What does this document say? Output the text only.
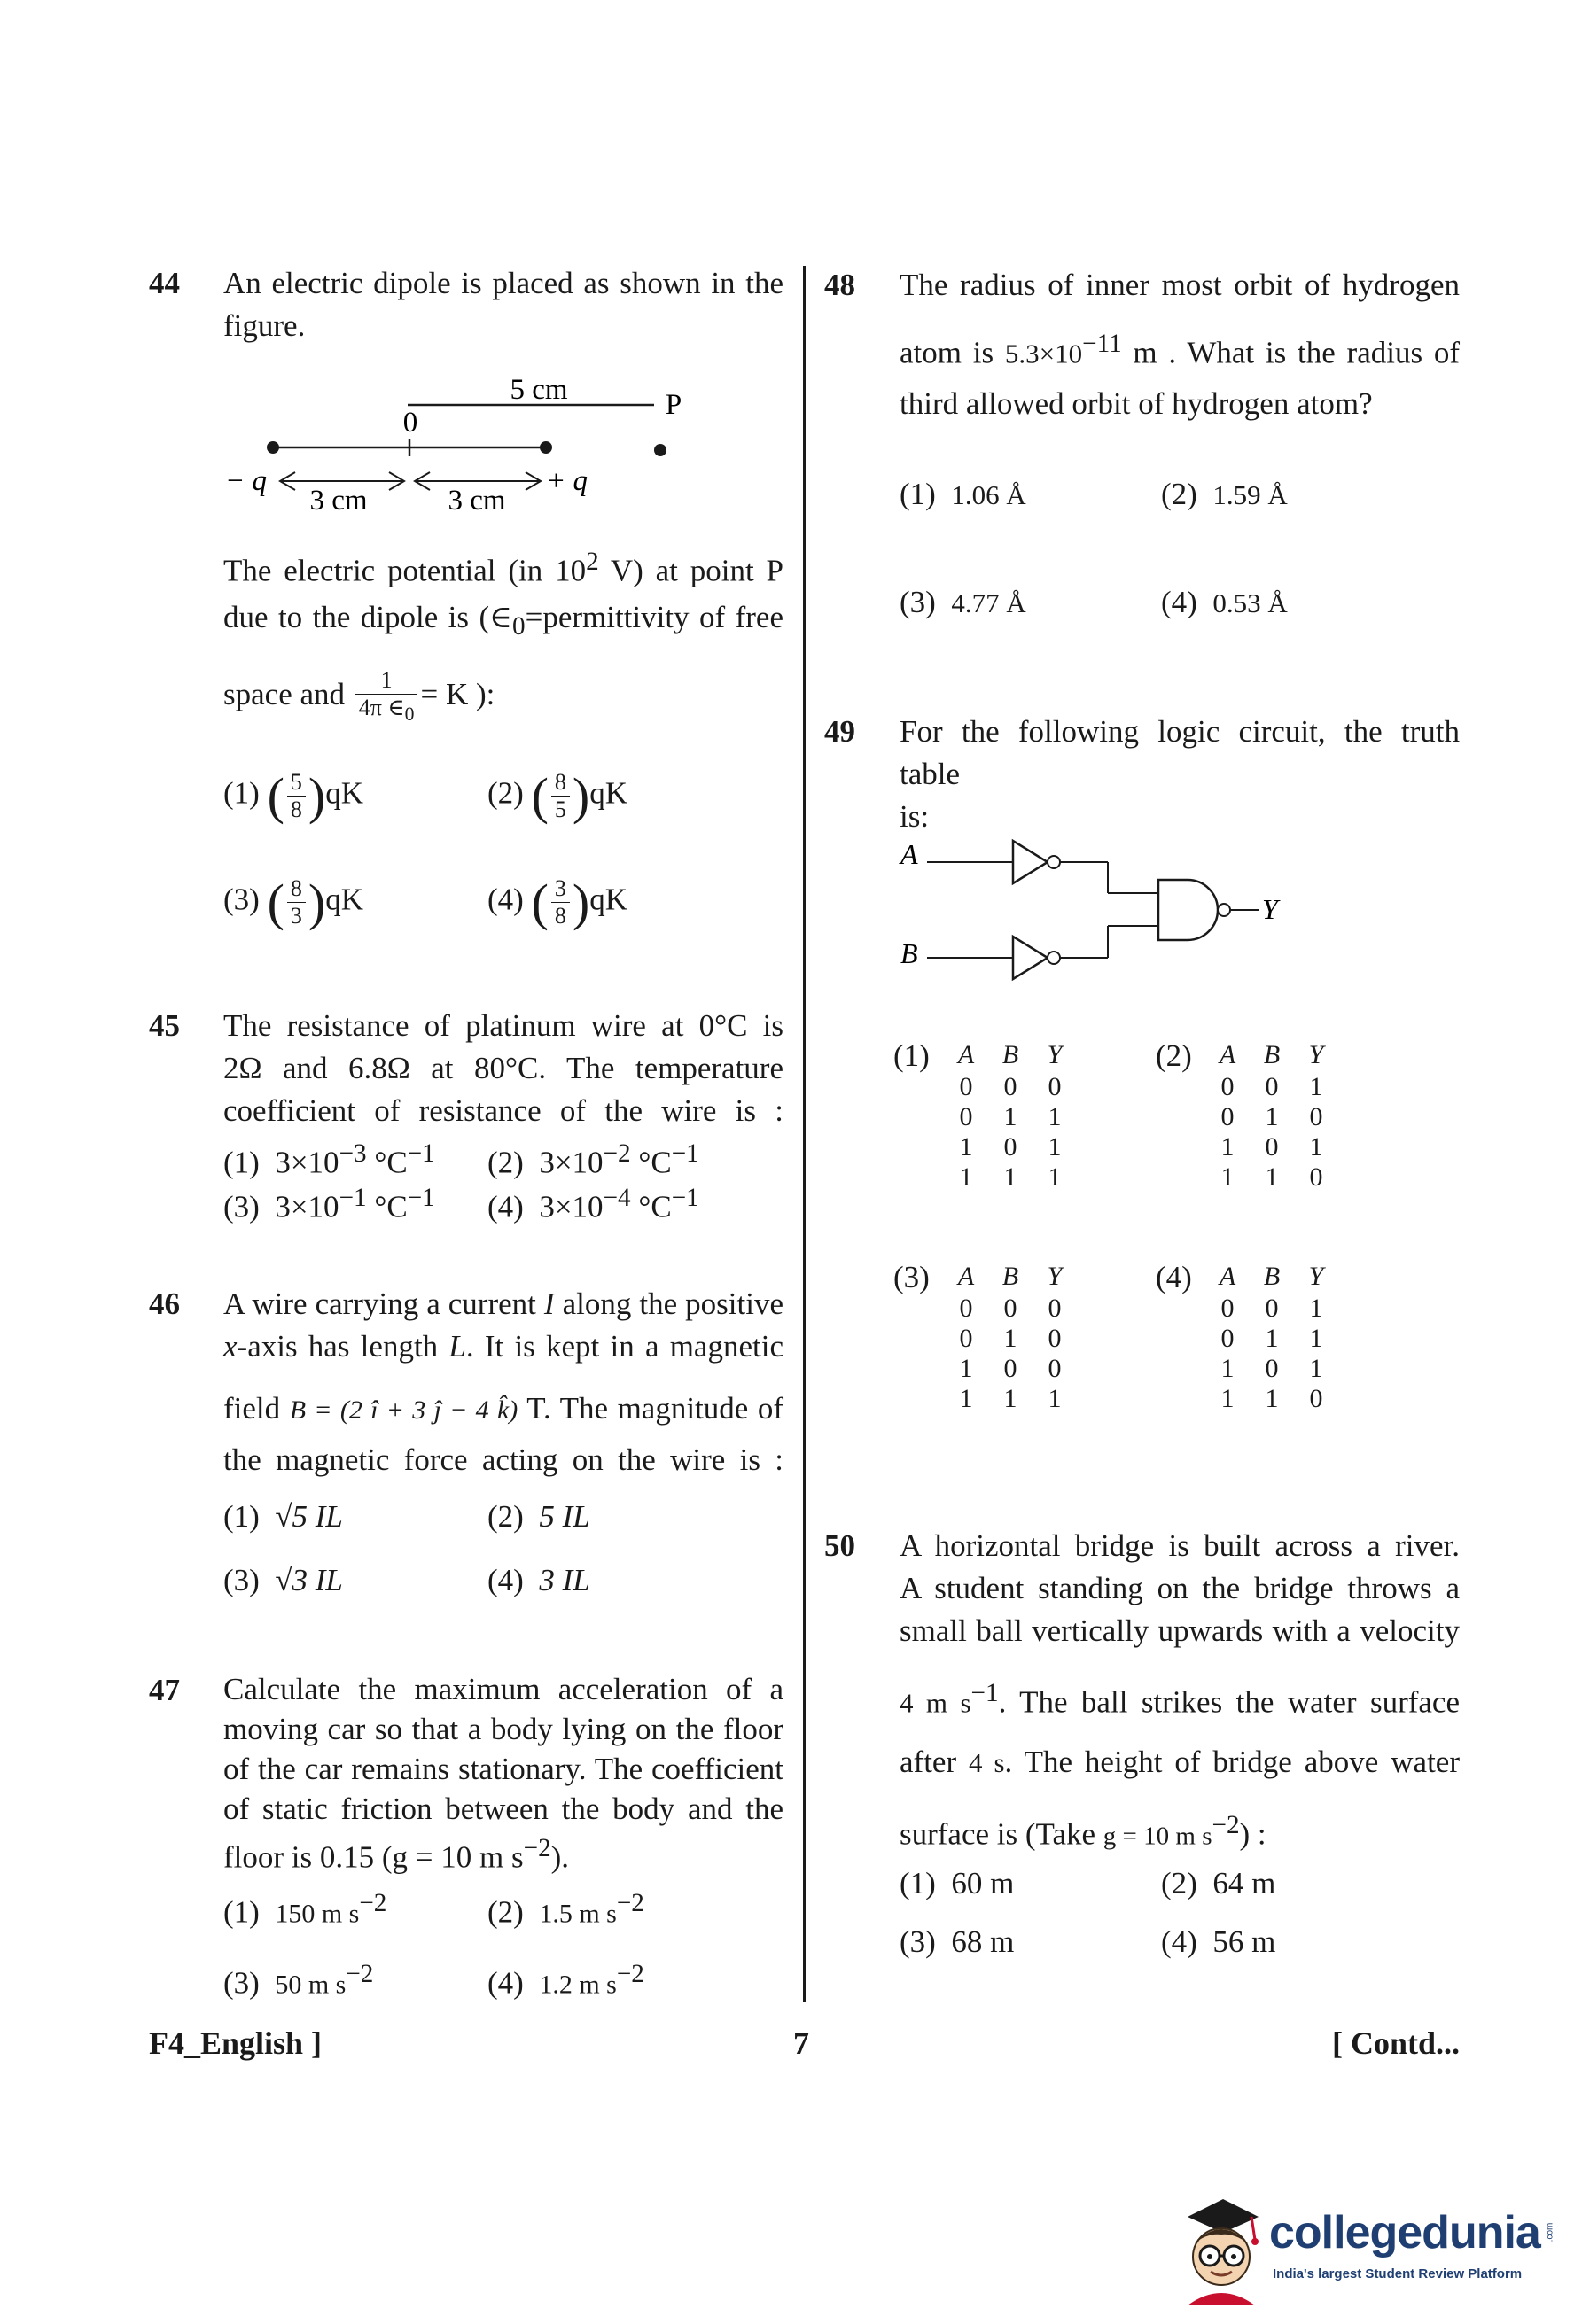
44 An electric dipole is placed as shown in the
figure.
5 cm	P
0
− q	+ q
3 cm	3 cm
The electric potential (in $10^2$ V) at point P
due to the dipole is ($\in_0=permittivity$ of free
space and $\frac{1}{4\pi \in_0} = K$ ):
(1) ( $\frac{5}{8} )qK$	(2) ( $\frac{8}{5} )qK$
(3) ( $\frac{8}{3} )qK$	(4) ( $\frac{3}{8} )qK$
45 The resistance of platinum wire at 0°C is
2Ω and 6.8Ω at 80°C. The temperature
coefficient of resistance of the wire is :
(1) $3\times 10^{-3}$ $^\circ C^{-1}$ (2) $3\times 10^{-2}$ $^\circ C^{-1}$
(3) $3\times 10^{-1}$ $^\circ C^{-1}$ (4) $3\times 10^{-4}$ $^\circ C^{-1}$
46 A wire carrying a current I along the positive
x-axis has length L. It is kept in a magnetic
field B = (2 î + 3 ĵ − 4 k̂) T. The magnitude of
the magnetic force acting on the wire is :
(1) √5 IL	(2) 5 IL
(3) √3 IL	(4) 3 IL
47 Calculate the maximum acceleration of a
moving car so that a body lying on the floor
of the car remains stationary. The coefficient
of static friction between the body and the
floor is 0.15 (g = 10 m $s^{-2}$).
(1) 150 m $s^{-2}$	(2) 1.5 m $s^{-2}$
(3) 50 m $s^{-2}$	(4) 1.2 m $s^{-2}$
48 The radius of inner most orbit of hydrogen
atom is $5.3\times 10^{-11}$ m . What is the radius of
third allowed orbit of hydrogen atom?
(1) 1.06 Å	(2) 1.59 Å
(3) 4.77 Å	(4) 0.53 Å
49 For the following logic circuit, the truth table
is:
A
B
Y
(1) A	B	Y
0	0	0
0	1	1
1	0	1
1	1	1
(2) A	B	Y
0	0	1
0	1	0
1	0	1
1	1	0
(3) A	B	Y
0	0	0
0	1	0
1	0	0
1	1	1
(4) A	B	Y
0	0	1
0	1	1
1	0	1
1	1	0
50 A horizontal bridge is built across a river.
A student standing on the bridge throws a
small ball vertically upwards with a velocity
4 m $s^{-1}$. The ball strikes the water surface
after 4 s. The height of bridge above water
surface is (Take g = 10 m $s^{-2}$) :
(1) 60 m	(2) 64 m
(3) 68 m	(4) 56 m
F4_English ]	7	[ Contd...
collegedunia .com
India's largest Student Review Platform
